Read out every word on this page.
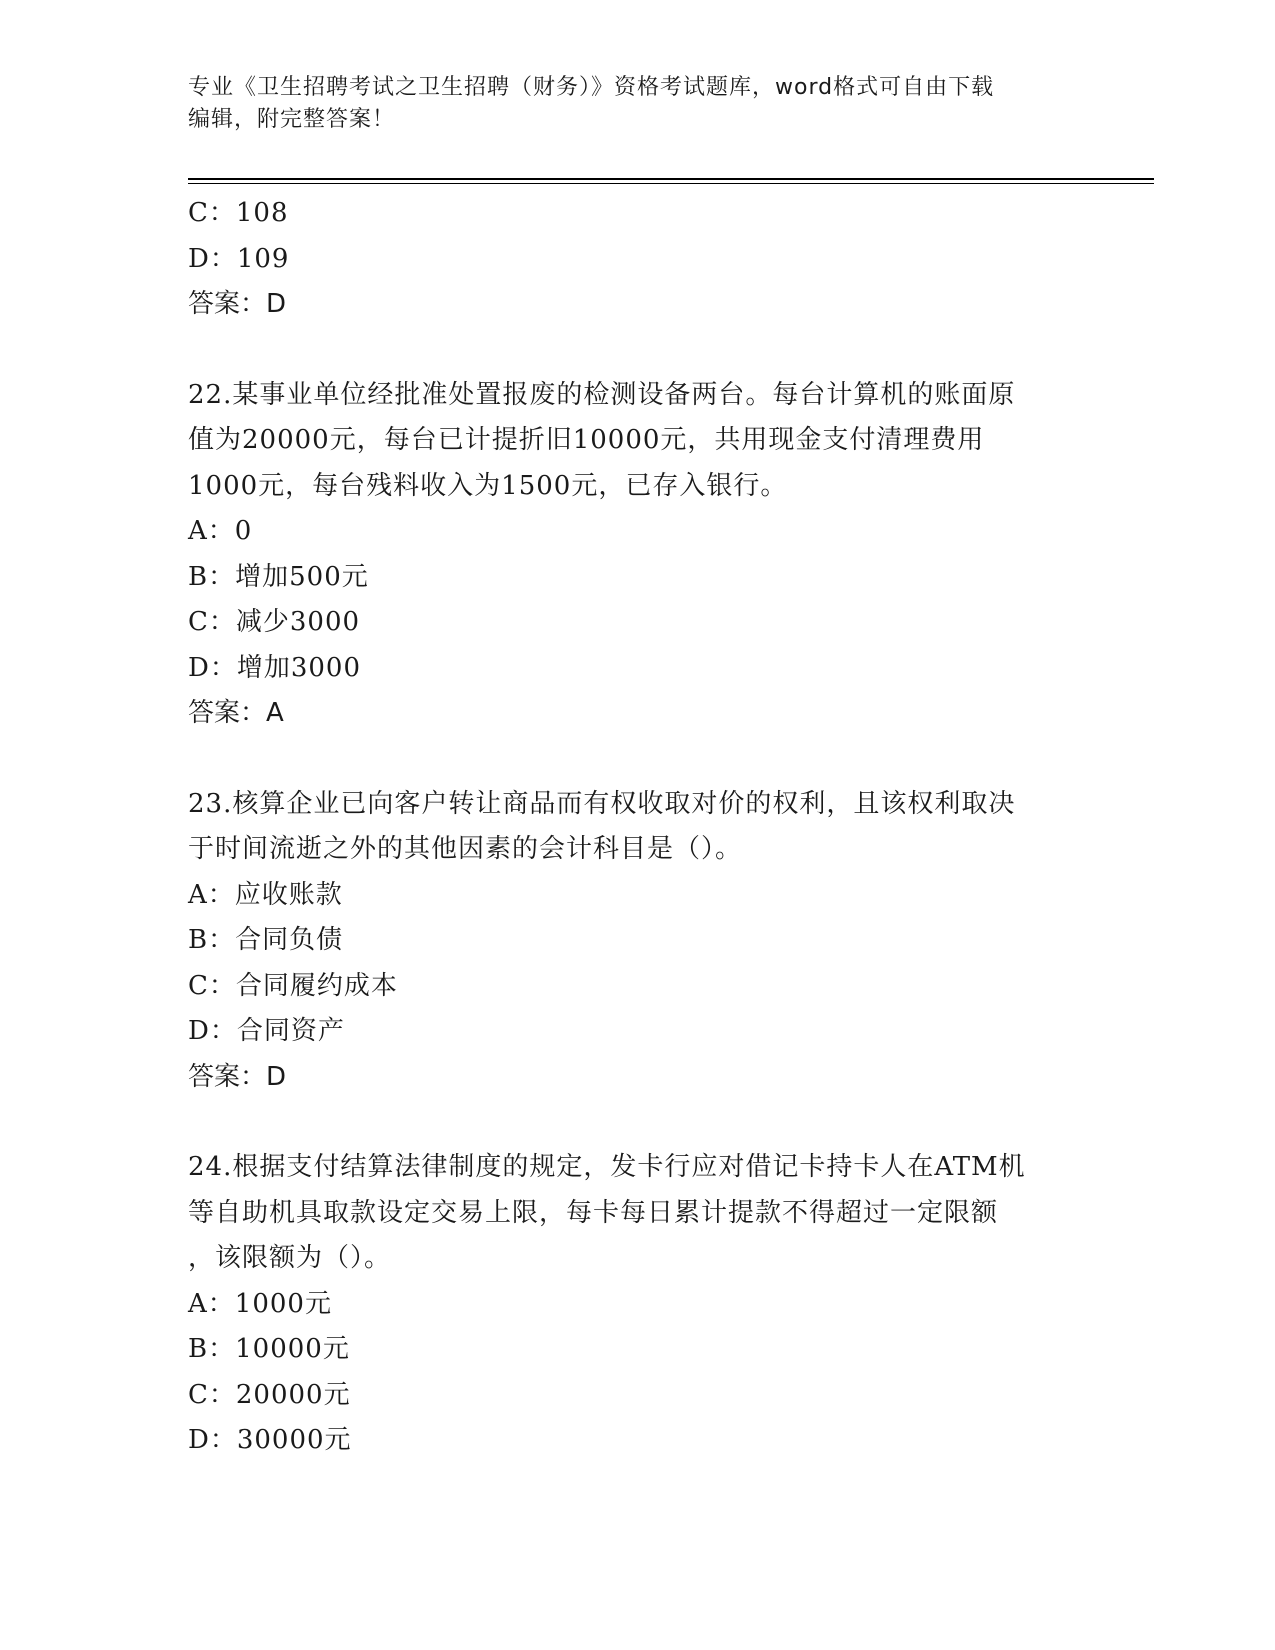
专业《卫生招聘考试之卫生招聘（财务）》资格考试题库，word格式可自由下载
编辑，附完整答案！
C：108
D：109
答案：D
22.某事业单位经批准处置报废的检测设备两台。每台计算机的账面原
值为20000元，每台已计提折旧10000元，共用现金支付清理费用
1000元，每台残料收入为1500元，已存入银行。
A：0
B：增加500元
C：减少3000
D：增加3000
答案：A
23.核算企业已向客户转让商品而有权收取对价的权利，且该权利取决
于时间流逝之外的其他因素的会计科目是（）。
A：应收账款
B：合同负债
C：合同履约成本
D：合同资产
答案：D
24.根据支付结算法律制度的规定，发卡行应对借记卡持卡人在ATM机
等自助机具取款设定交易上限，每卡每日累计提款不得超过一定限额
，该限额为（）。
A：1000元
B：10000元
C：20000元
D：30000元
